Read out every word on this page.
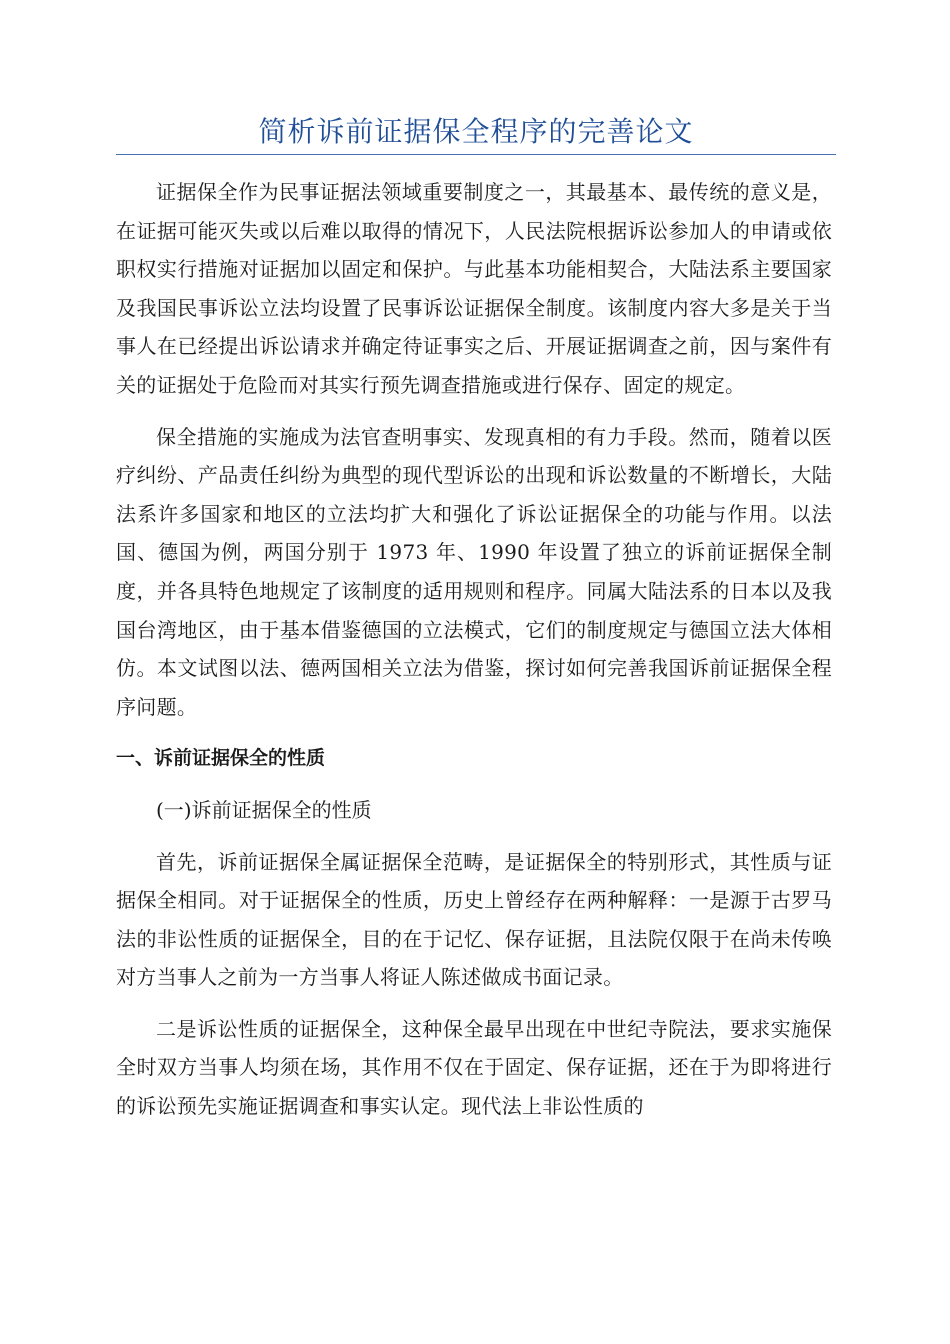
简析诉前证据保全程序的完善论文

证据保全作为民事证据法领域重要制度之一，其最基本、最传统的意义是，在证据可能灭失或以后难以取得的情况下，人民法院根据诉讼参加人的申请或依职权实行措施对证据加以固定和保护。与此基本功能相契合，大陆法系主要国家及我国民事诉讼立法均设置了民事诉讼证据保全制度。该制度内容大多是关于当事人在已经提出诉讼请求并确定待证事实之后、开展证据调查之前，因与案件有关的证据处于危险而对其实行预先调查措施或进行保存、固定的规定。

保全措施的实施成为法官查明事实、发现真相的有力手段。然而，随着以医疗纠纷、产品责任纠纷为典型的现代型诉讼的出现和诉讼数量的不断增长，大陆法系许多国家和地区的立法均扩大和强化了诉讼证据保全的功能与作用。以法国、德国为例，两国分别于 1973 年、1990 年设置了独立的诉前证据保全制度，并各具特色地规定了该制度的适用规则和程序。同属大陆法系的日本以及我国台湾地区，由于基本借鉴德国的立法模式，它们的制度规定与德国立法大体相仿。本文试图以法、德两国相关立法为借鉴，探讨如何完善我国诉前证据保全程序问题。

一、诉前证据保全的性质

(一)诉前证据保全的性质

首先，诉前证据保全属证据保全范畴，是证据保全的特别形式，其性质与证据保全相同。对于证据保全的性质，历史上曾经存在两种解释：一是源于古罗马法的非讼性质的证据保全，目的在于记忆、保存证据，且法院仅限于在尚未传唤对方当事人之前为一方当事人将证人陈述做成书面记录。

二是诉讼性质的证据保全，这种保全最早出现在中世纪寺院法，要求实施保全时双方当事人均须在场，其作用不仅在于固定、保存证据，还在于为即将进行的诉讼预先实施证据调查和事实认定。现代法上非讼性质的
